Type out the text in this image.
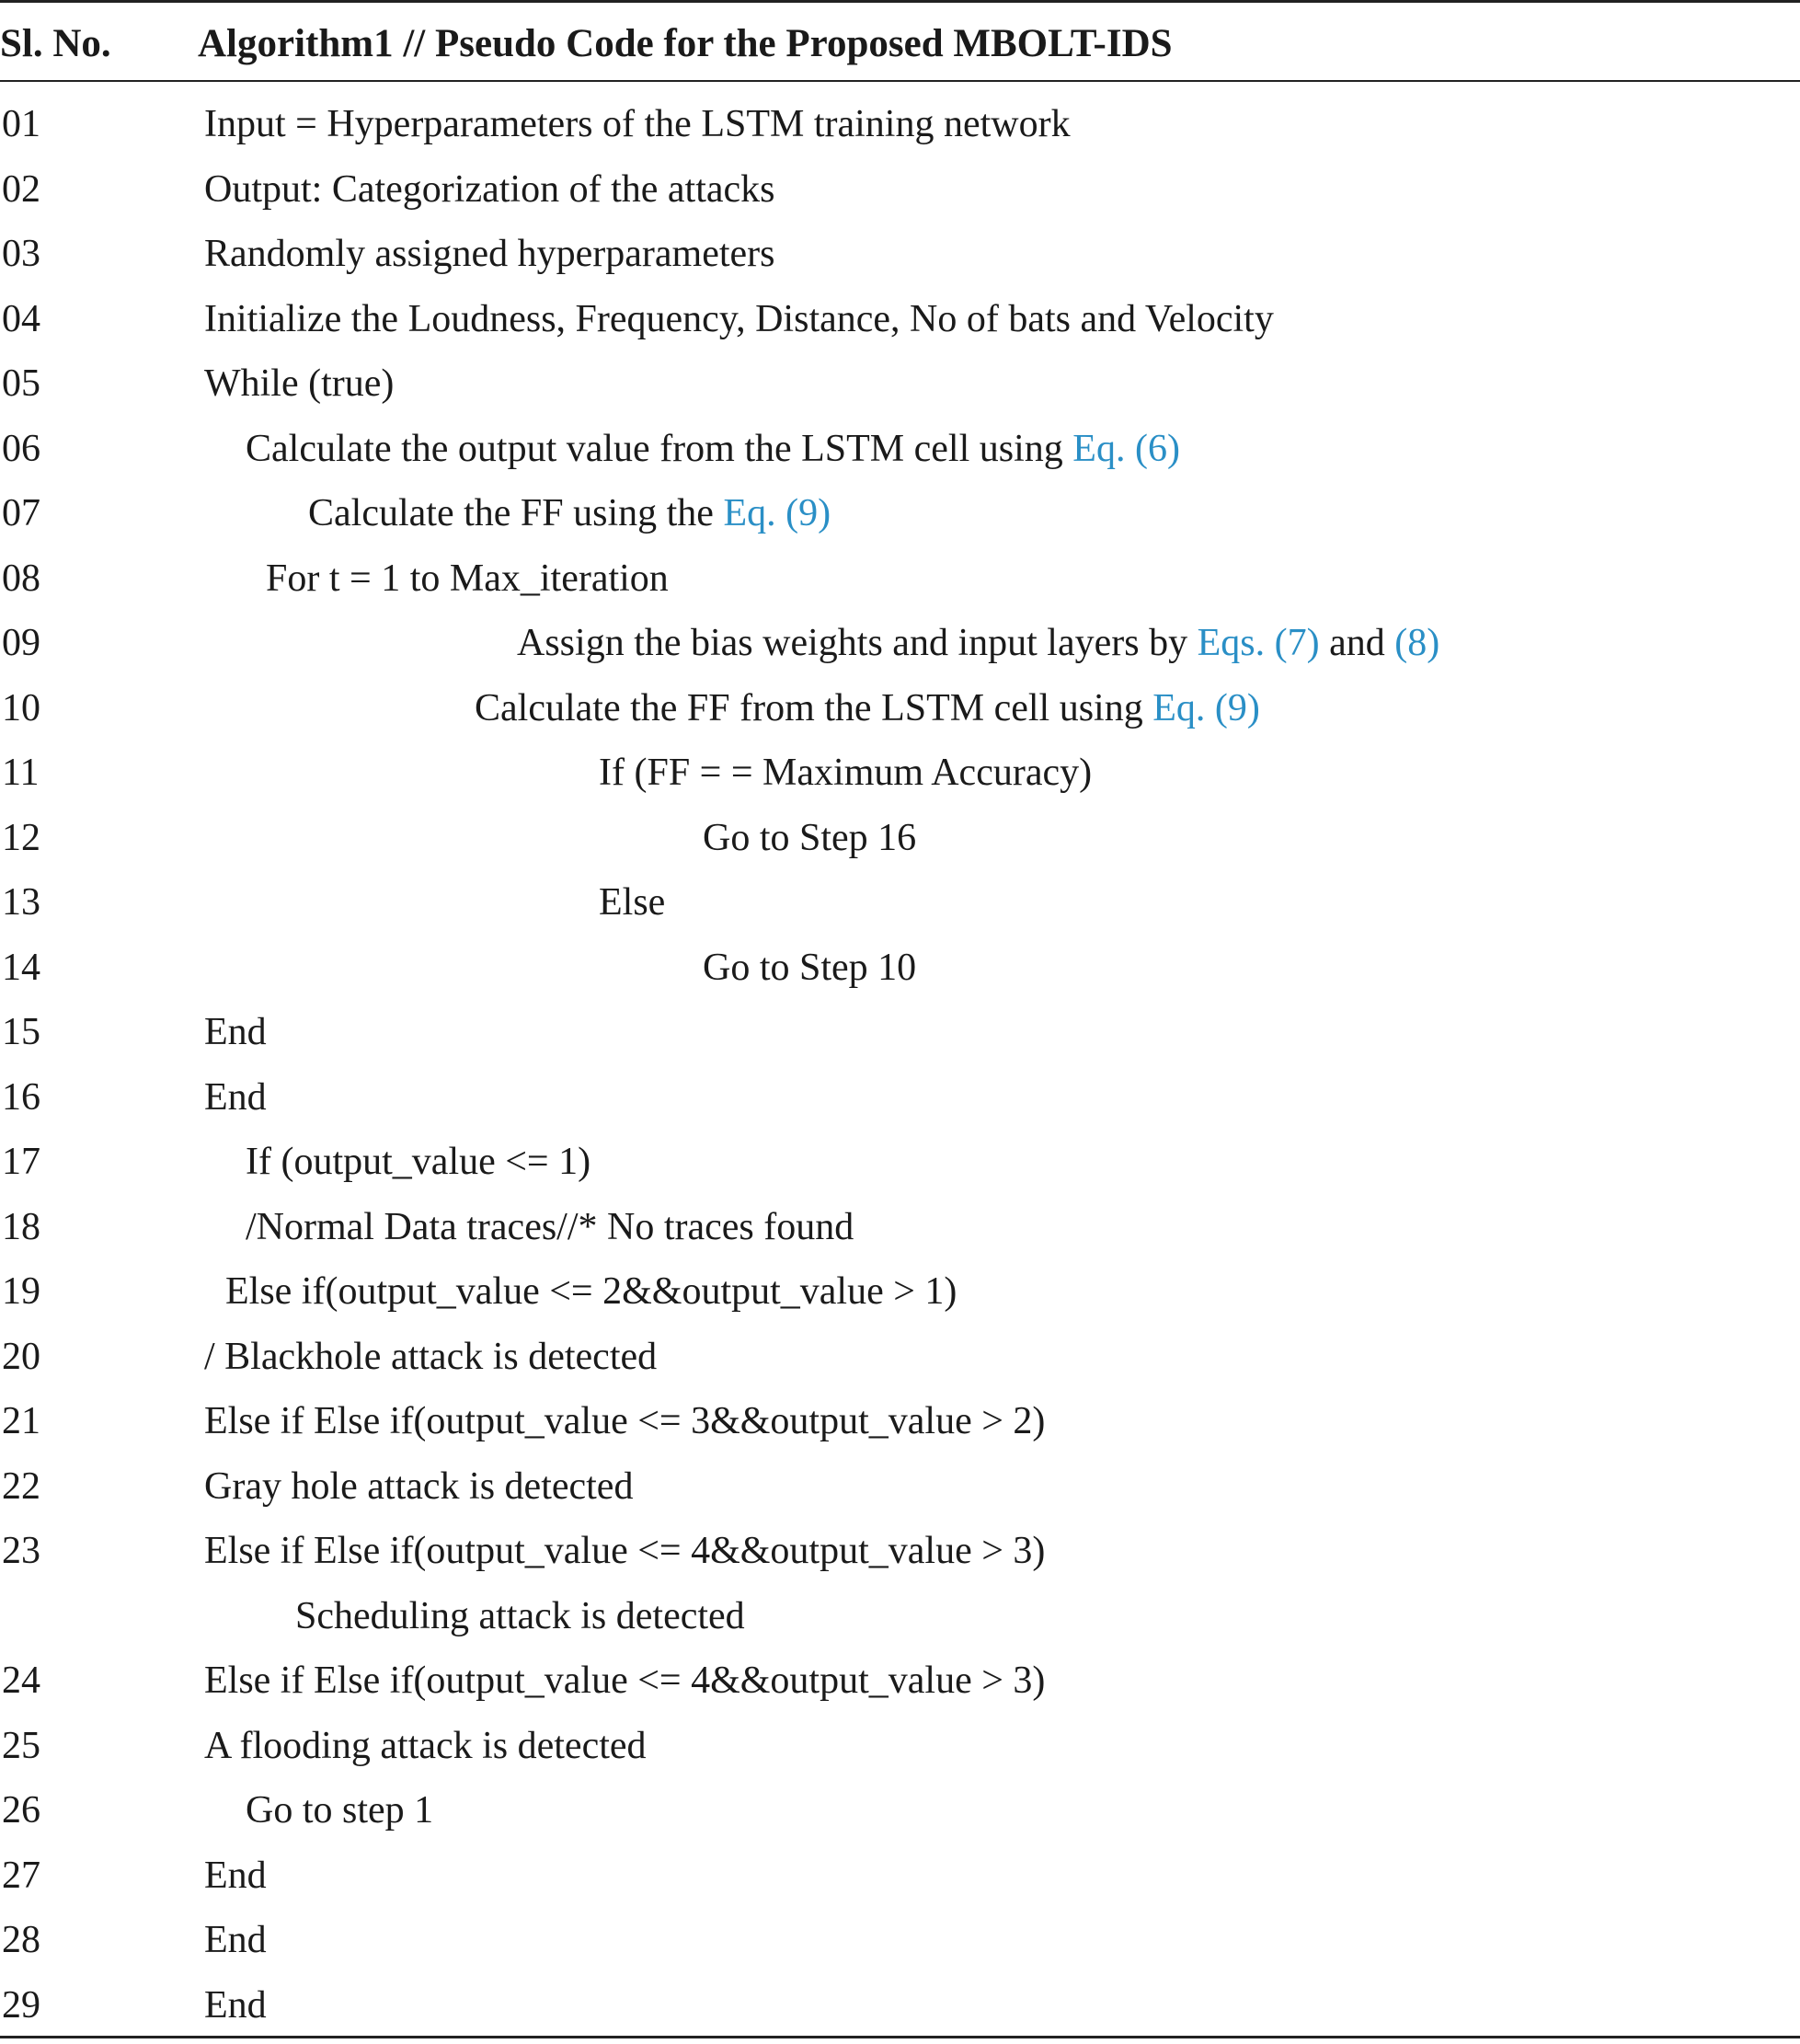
Sl. No. Algorithm1 // Pseudo Code for the Proposed MBOLT-IDS
01	Input = Hyperparameters of the LSTM training network
02	Output: Categorization of the attacks
03	Randomly assigned hyperparameters
04	Initialize the Loudness, Frequency, Distance, No of bats and Velocity
05	While (true)
06	Calculate the output value from the LSTM cell using Eq. (6)
07	Calculate the FF using the Eq. (9)
08	For t = 1 to Max_iteration
09	Assign the bias weights and input layers by Eqs. (7) and (8)
10	Calculate the FF from the LSTM cell using Eq. (9)
11	If (FF = = Maximum Accuracy)
12	Go to Step 16
13	Else
14	Go to Step 10
15	End
16	End
17	If (output_value <= 1)
18	/Normal Data traces//* No traces found
19	Else if(output_value <= 2&&output_value > 1)
20	/ Blackhole attack is detected
21	Else if Else if(output_value <= 3&&output_value > 2)
22	Gray hole attack is detected
23	Else if Else if(output_value <= 4&&output_value > 3)
Scheduling attack is detected
24	Else if Else if(output_value <= 4&&output_value > 3)
25	A flooding attack is detected
26	Go to step 1
27	End
28	End
29	End
